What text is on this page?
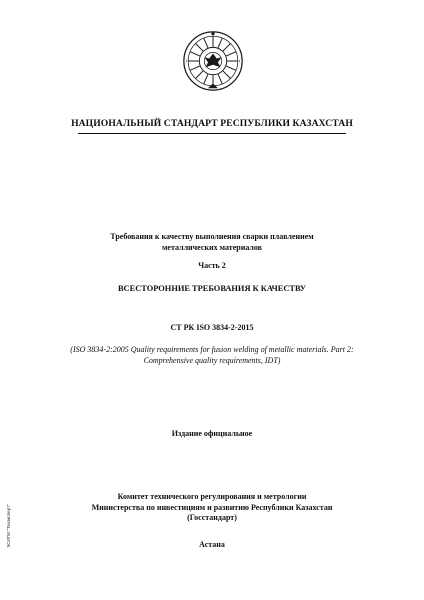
НАЦИОНАЛЬНЫЙ СТАНДАРТ РЕСПУБЛИКИ КАЗАХСТАН
Требования к качеству выполнения сварки плавлением
металлических материалов
Часть 2
ВСЕСТОРОННИЕ ТРЕБОВАНИЯ К КАЧЕСТВУ
СТ РК ISO 3834-2-2015
(ISO 3834-2:2005 Quality requirements for fusion welding of metallic materials. Part 2:
Comprehensive quality requirements, IDT)
Издание официальное
Комитет технического регулирования и метрологии
Министерства по инвестициям и развитию Республики Казахстан
(Госстандарт)
Астана
ЭСИПИ "Техэксперт"
